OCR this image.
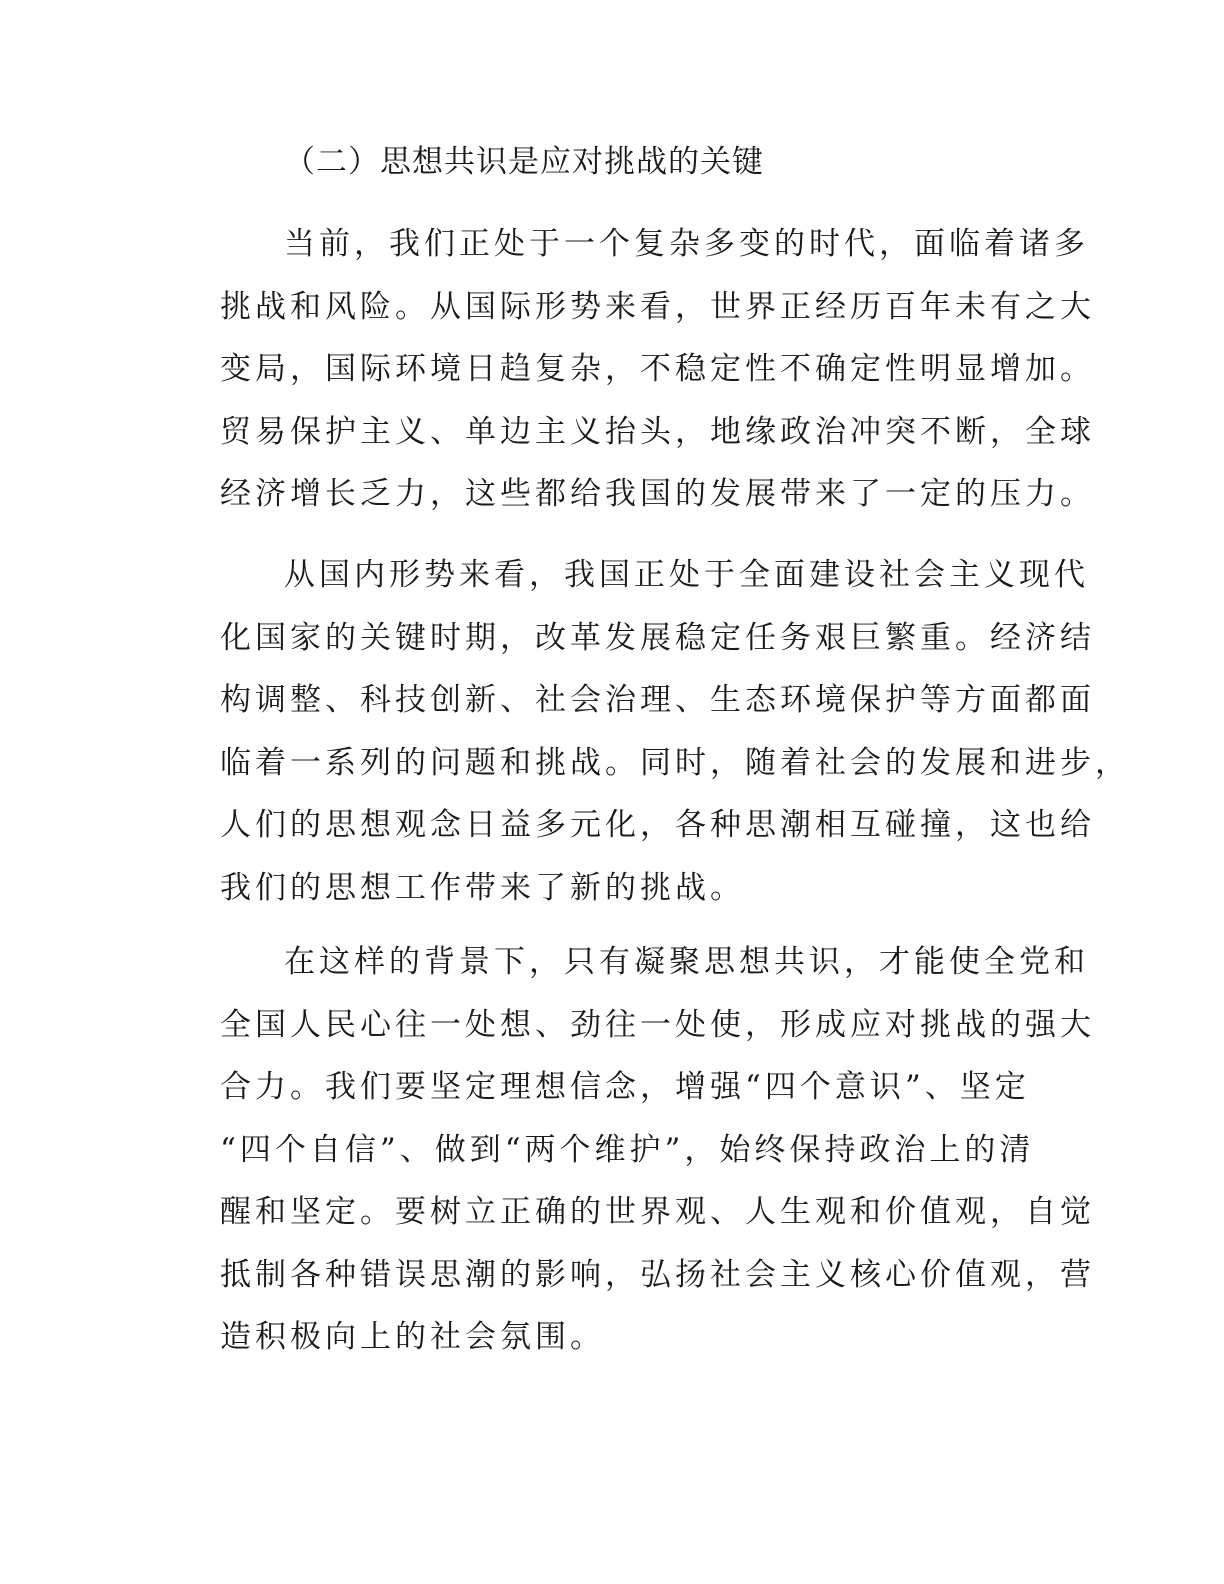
（二）思想共识是应对挑战的关键

当前，我们正处于一个复杂多变的时代，面临着诸多
挑战和风险。从国际形势来看，世界正经历百年未有之大
变局，国际环境日趋复杂，不稳定性不确定性明显增加。
贸易保护主义、单边主义抬头，地缘政治冲突不断，全球
经济增长乏力，这些都给我国的发展带来了一定的压力。

从国内形势来看，我国正处于全面建设社会主义现代
化国家的关键时期，改革发展稳定任务艰巨繁重。经济结
构调整、科技创新、社会治理、生态环境保护等方面都面
临着一系列的问题和挑战。同时，随着社会的发展和进步，
人们的思想观念日益多元化，各种思潮相互碰撞，这也给
我们的思想工作带来了新的挑战。

在这样的背景下，只有凝聚思想共识，才能使全党和
全国人民心往一处想、劲往一处使，形成应对挑战的强大
合力。我们要坚定理想信念，增强“四个意识”、坚定
“四个自信”、做到“两个维护”，始终保持政治上的清
醒和坚定。要树立正确的世界观、人生观和价值观，自觉
抵制各种错误思潮的影响，弘扬社会主义核心价值观，营
造积极向上的社会氛围。
